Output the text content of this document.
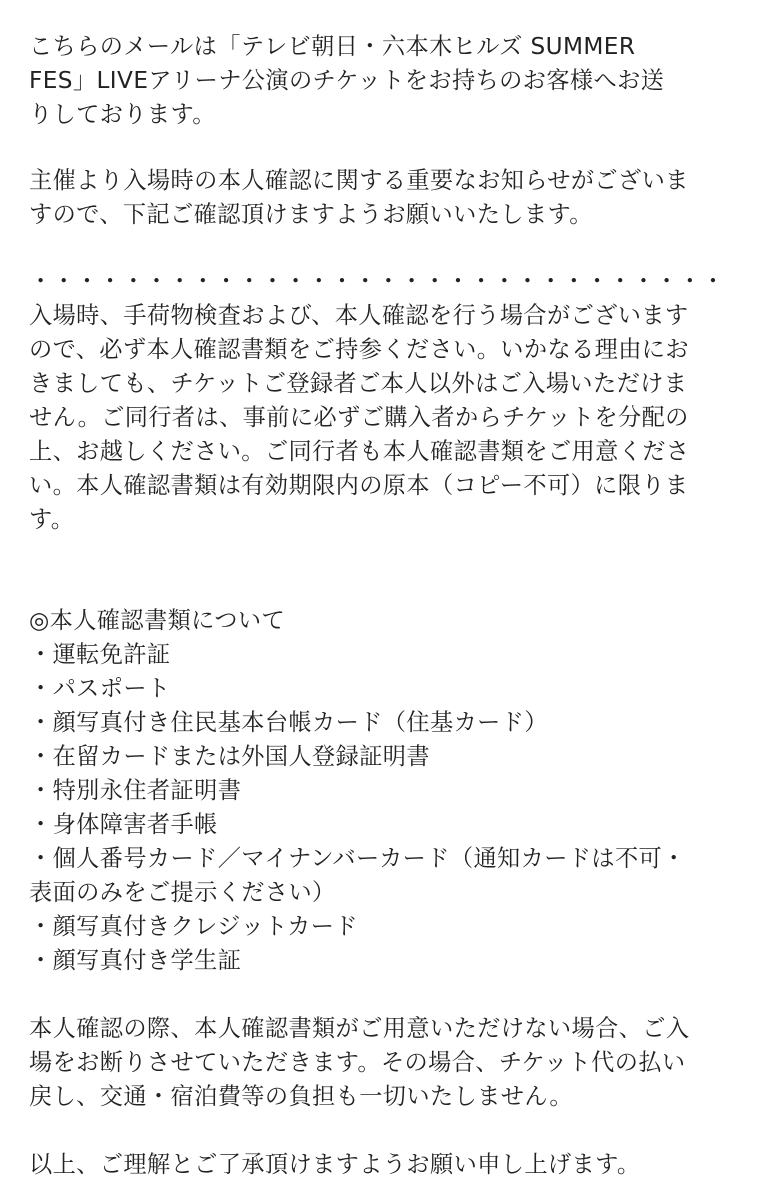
こちらのメールは「テレビ朝日・六本木ヒルズ SUMMER
FES」LIVEアリーナ公演のチケットをお持ちのお客様へお送
りしております。

主催より入場時の本人確認に関する重要なお知らせがございま
すので、下記ご確認頂けますようお願いいたします。

・・・・・・・・・・・・・・・・・・・・・・・・・・・・・・

入場時、手荷物検査および、本人確認を行う場合がございます
ので、必ず本人確認書類をご持参ください。いかなる理由にお
きましても、チケットご登録者ご本人以外はご入場いただけま
せん。ご同行者は、事前に必ずご購入者からチケットを分配の
上、お越しください。ご同行者も本人確認書類をご用意くださ
い。本人確認書類は有効期限内の原本（コピー不可）に限りま
す。

◎本人確認書類について
・運転免許証
・パスポート
・顔写真付き住民基本台帳カード（住基カード）
・在留カードまたは外国人登録証明書
・特別永住者証明書
・身体障害者手帳
・個人番号カード／マイナンバーカード（通知カードは不可・
表面のみをご提示ください）
・顔写真付きクレジットカード
・顔写真付き学生証

本人確認の際、本人確認書類がご用意いただけない場合、ご入
場をお断りさせていただきます。その場合、チケット代の払い
戻し、交通・宿泊費等の負担も一切いたしません。

以上、ご理解とご了承頂けますようお願い申し上げます。
